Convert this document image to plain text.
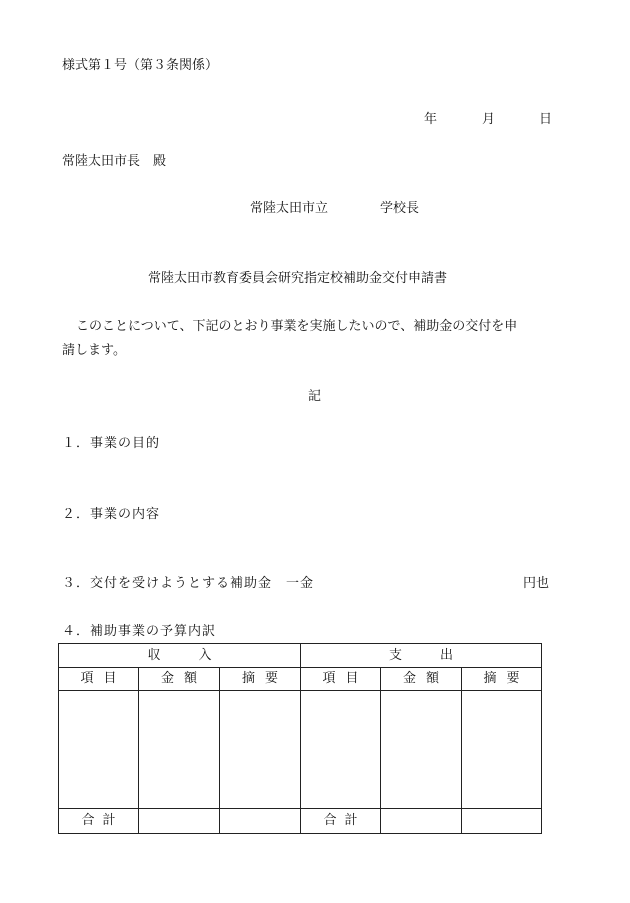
様式第１号（第３条関係）
年	月	日
常陸太田市長　殿
常陸太田市立	学校長
常陸太田市教育委員会研究指定校補助金交付申請書
このことについて、下記のとおり事業を実施したいので、補助金の交付を申
請します。
記
１．事業の目的
２．事業の内容
３．交付を受けようとする補助金　一金	円也
４．補助事業の予算内訳
収入			支出		
項目	金額	摘要	項目	金額	摘要

合計			合計		
